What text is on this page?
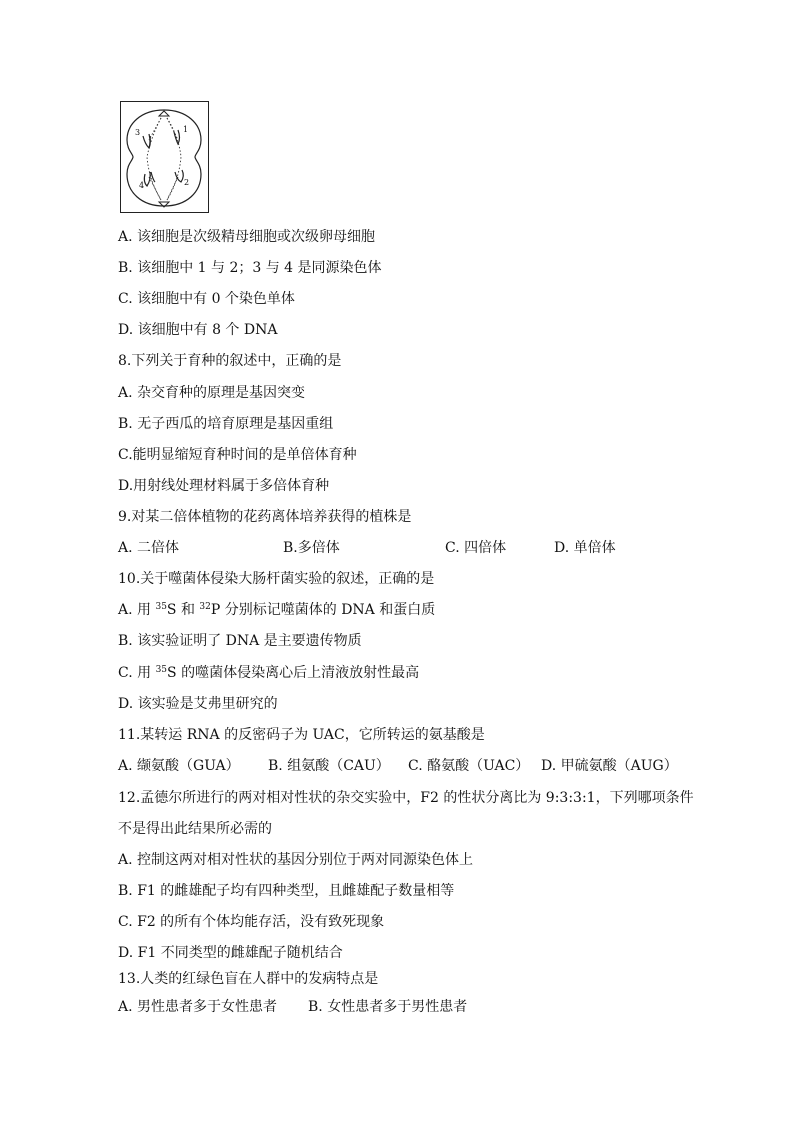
1
2
3
4
A. 该细胞是次级精母细胞或次级卵母细胞
B. 该细胞中 1 与 2；3 与 4 是同源染色体
C. 该细胞中有 0 个染色单体
D. 该细胞中有 8 个 DNA
8.下列关于育种的叙述中，正确的是
A. 杂交育种的原理是基因突变
B. 无子西瓜的培育原理是基因重组
C.能明显缩短育种时间的是单倍体育种
D.用射线处理材料属于多倍体育种
9.对某二倍体植物的花药离体培养获得的植株是
A. 二倍体	B.多倍体	C. 四倍体	D. 单倍体
10.关于噬菌体侵染大肠杆菌实验的叙述，正确的是
A. 用 $^{35}$S 和 $^{32}$P 分别标记噬菌体的 DNA 和蛋白质
B. 该实验证明了 DNA 是主要遗传物质
C. 用 $^{35}$S 的噬菌体侵染离心后上清液放射性最高
D. 该实验是艾弗里研究的
11.某转运 RNA 的反密码子为 UAC，它所转运的氨基酸是
A. 缬氨酸（GUA） B. 组氨酸（CAU） C. 酪氨酸（UAC） D. 甲硫氨酸（AUG）
12.孟德尔所进行的两对相对性状的杂交实验中，F2 的性状分离比为 9:3:3:1，下列哪项条件
不是得出此结果所必需的
A. 控制这两对相对性状的基因分别位于两对同源染色体上
B. F1 的雌雄配子均有四种类型，且雌雄配子数量相等
C. F2 的所有个体均能存活，没有致死现象
D. F1 不同类型的雌雄配子随机结合
13.人类的红绿色盲在人群中的发病特点是
A. 男性患者多于女性患者 B. 女性患者多于男性患者
